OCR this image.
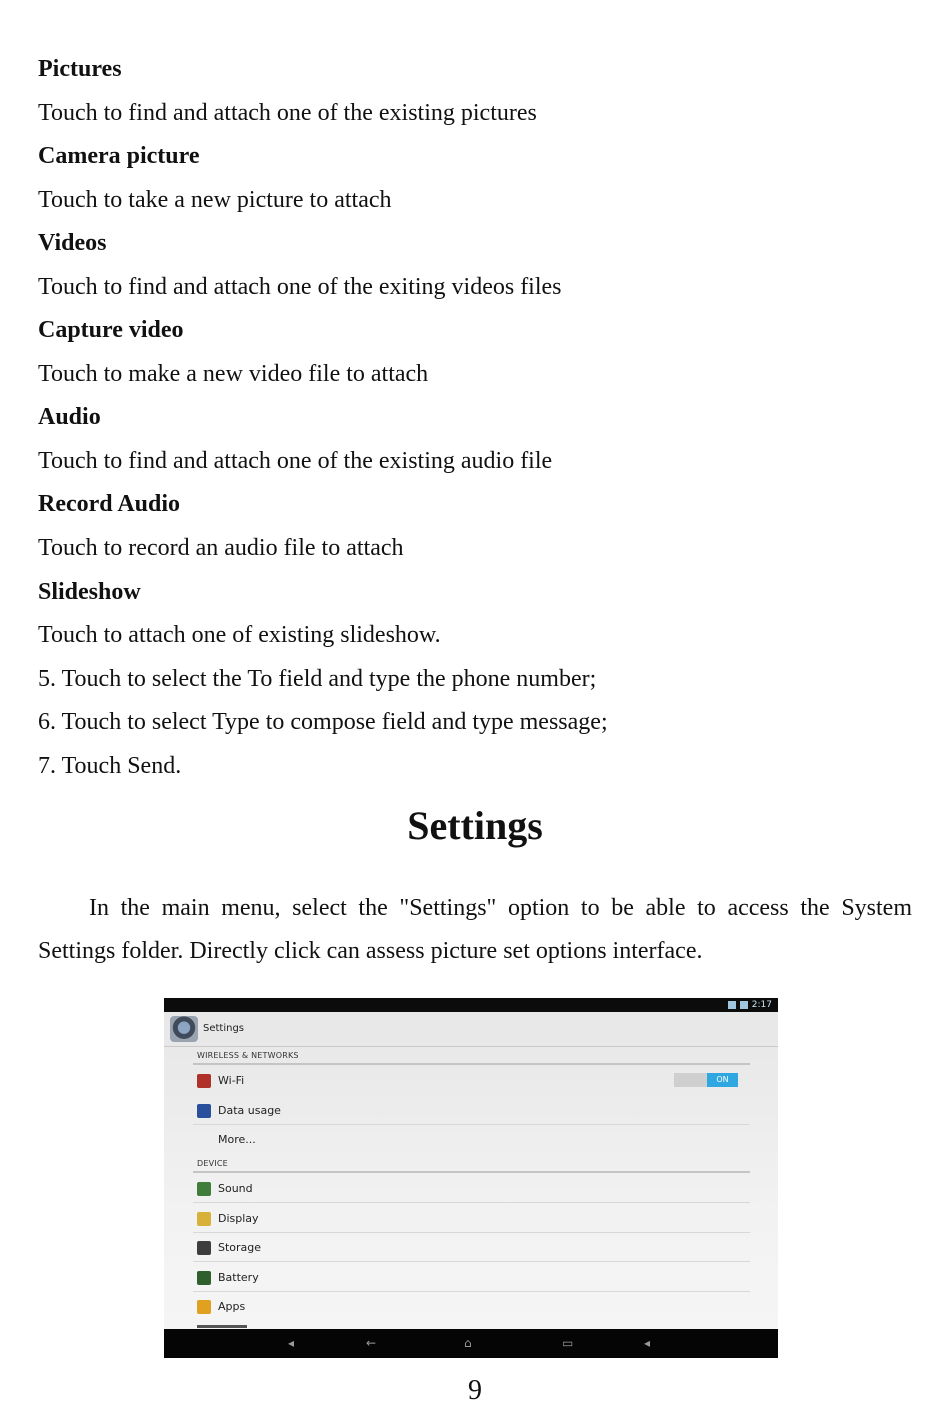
Pictures
Touch to find and attach one of the existing pictures
Camera picture
Touch to take a new picture to attach
Videos
Touch to find and attach one of the exiting videos files
Capture video
Touch to make a new video file to attach
Audio
Touch to find and attach one of the existing audio file
Record Audio
Touch to record an audio file to attach
Slideshow
Touch to attach one of existing slideshow.
5. Touch to select the To field and type the phone number;
6. Touch to select Type to compose field and type message;
7. Touch Send.
Settings
In the main menu, select the "Settings" option to be able to access the System
Settings folder. Directly click can assess picture set options interface.
2:17
Settings
WIRELESS & NETWORKS
Wi-Fi	ON
Data usage
More...
DEVICE
Sound
Display
Storage
Battery
Apps
◂	←	⌂	▭	◂
9
